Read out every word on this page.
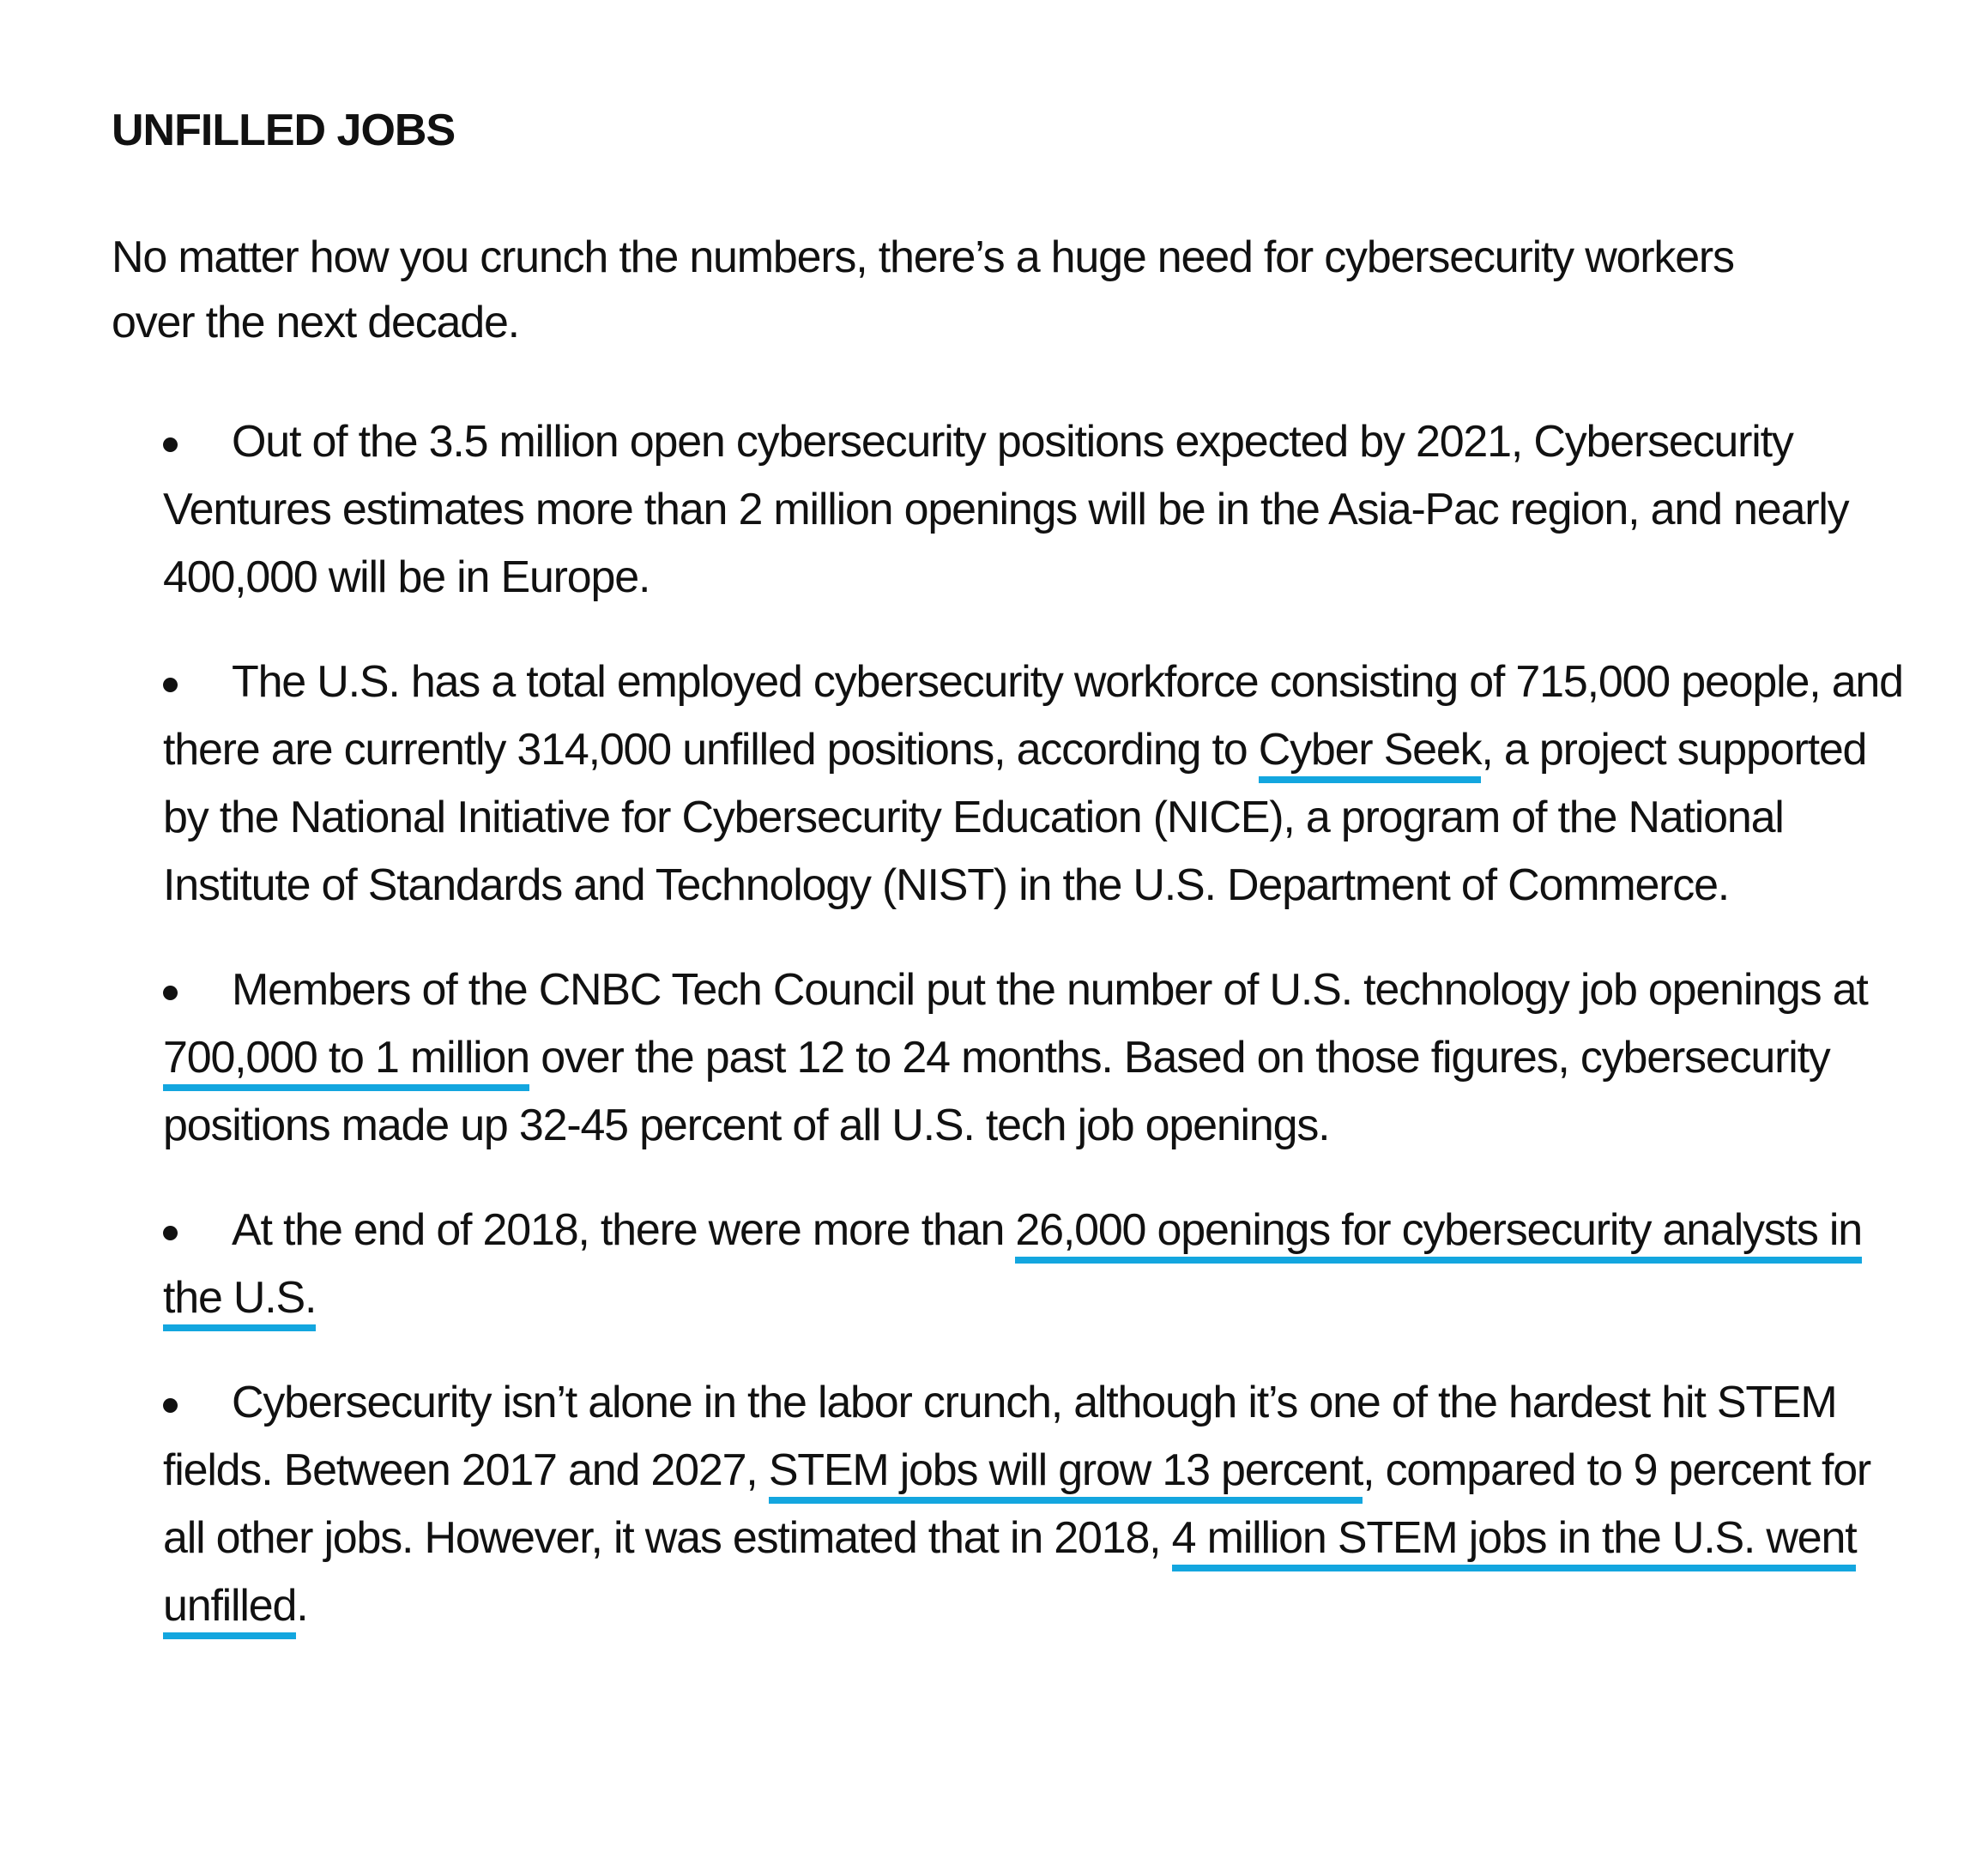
UNFILLED JOBS

No matter how you crunch the numbers, there’s a huge need for cybersecurity workers over the next decade.

Out of the 3.5 million open cybersecurity positions expected by 2021, Cybersecurity Ventures estimates more than 2 million openings will be in the Asia-Pac region, and nearly 400,000 will be in Europe.
The U.S. has a total employed cybersecurity workforce consisting of 715,000 people, and there are currently 314,000 unfilled positions, according to Cyber Seek, a project supported by the National Initiative for Cybersecurity Education (NICE), a program of the National Institute of Standards and Technology (NIST) in the U.S. Department of Commerce.
Members of the CNBC Tech Council put the number of U.S. technology job openings at 700,000 to 1 million over the past 12 to 24 months. Based on those figures, cybersecurity positions made up 32-45 percent of all U.S. tech job openings.
At the end of 2018, there were more than 26,000 openings for cybersecurity analysts in the U.S.
Cybersecurity isn’t alone in the labor crunch, although it’s one of the hardest hit STEM fields. Between 2017 and 2027, STEM jobs will grow 13 percent, compared to 9 percent for all other jobs. However, it was estimated that in 2018, 4 million STEM jobs in the U.S. went unfilled.
